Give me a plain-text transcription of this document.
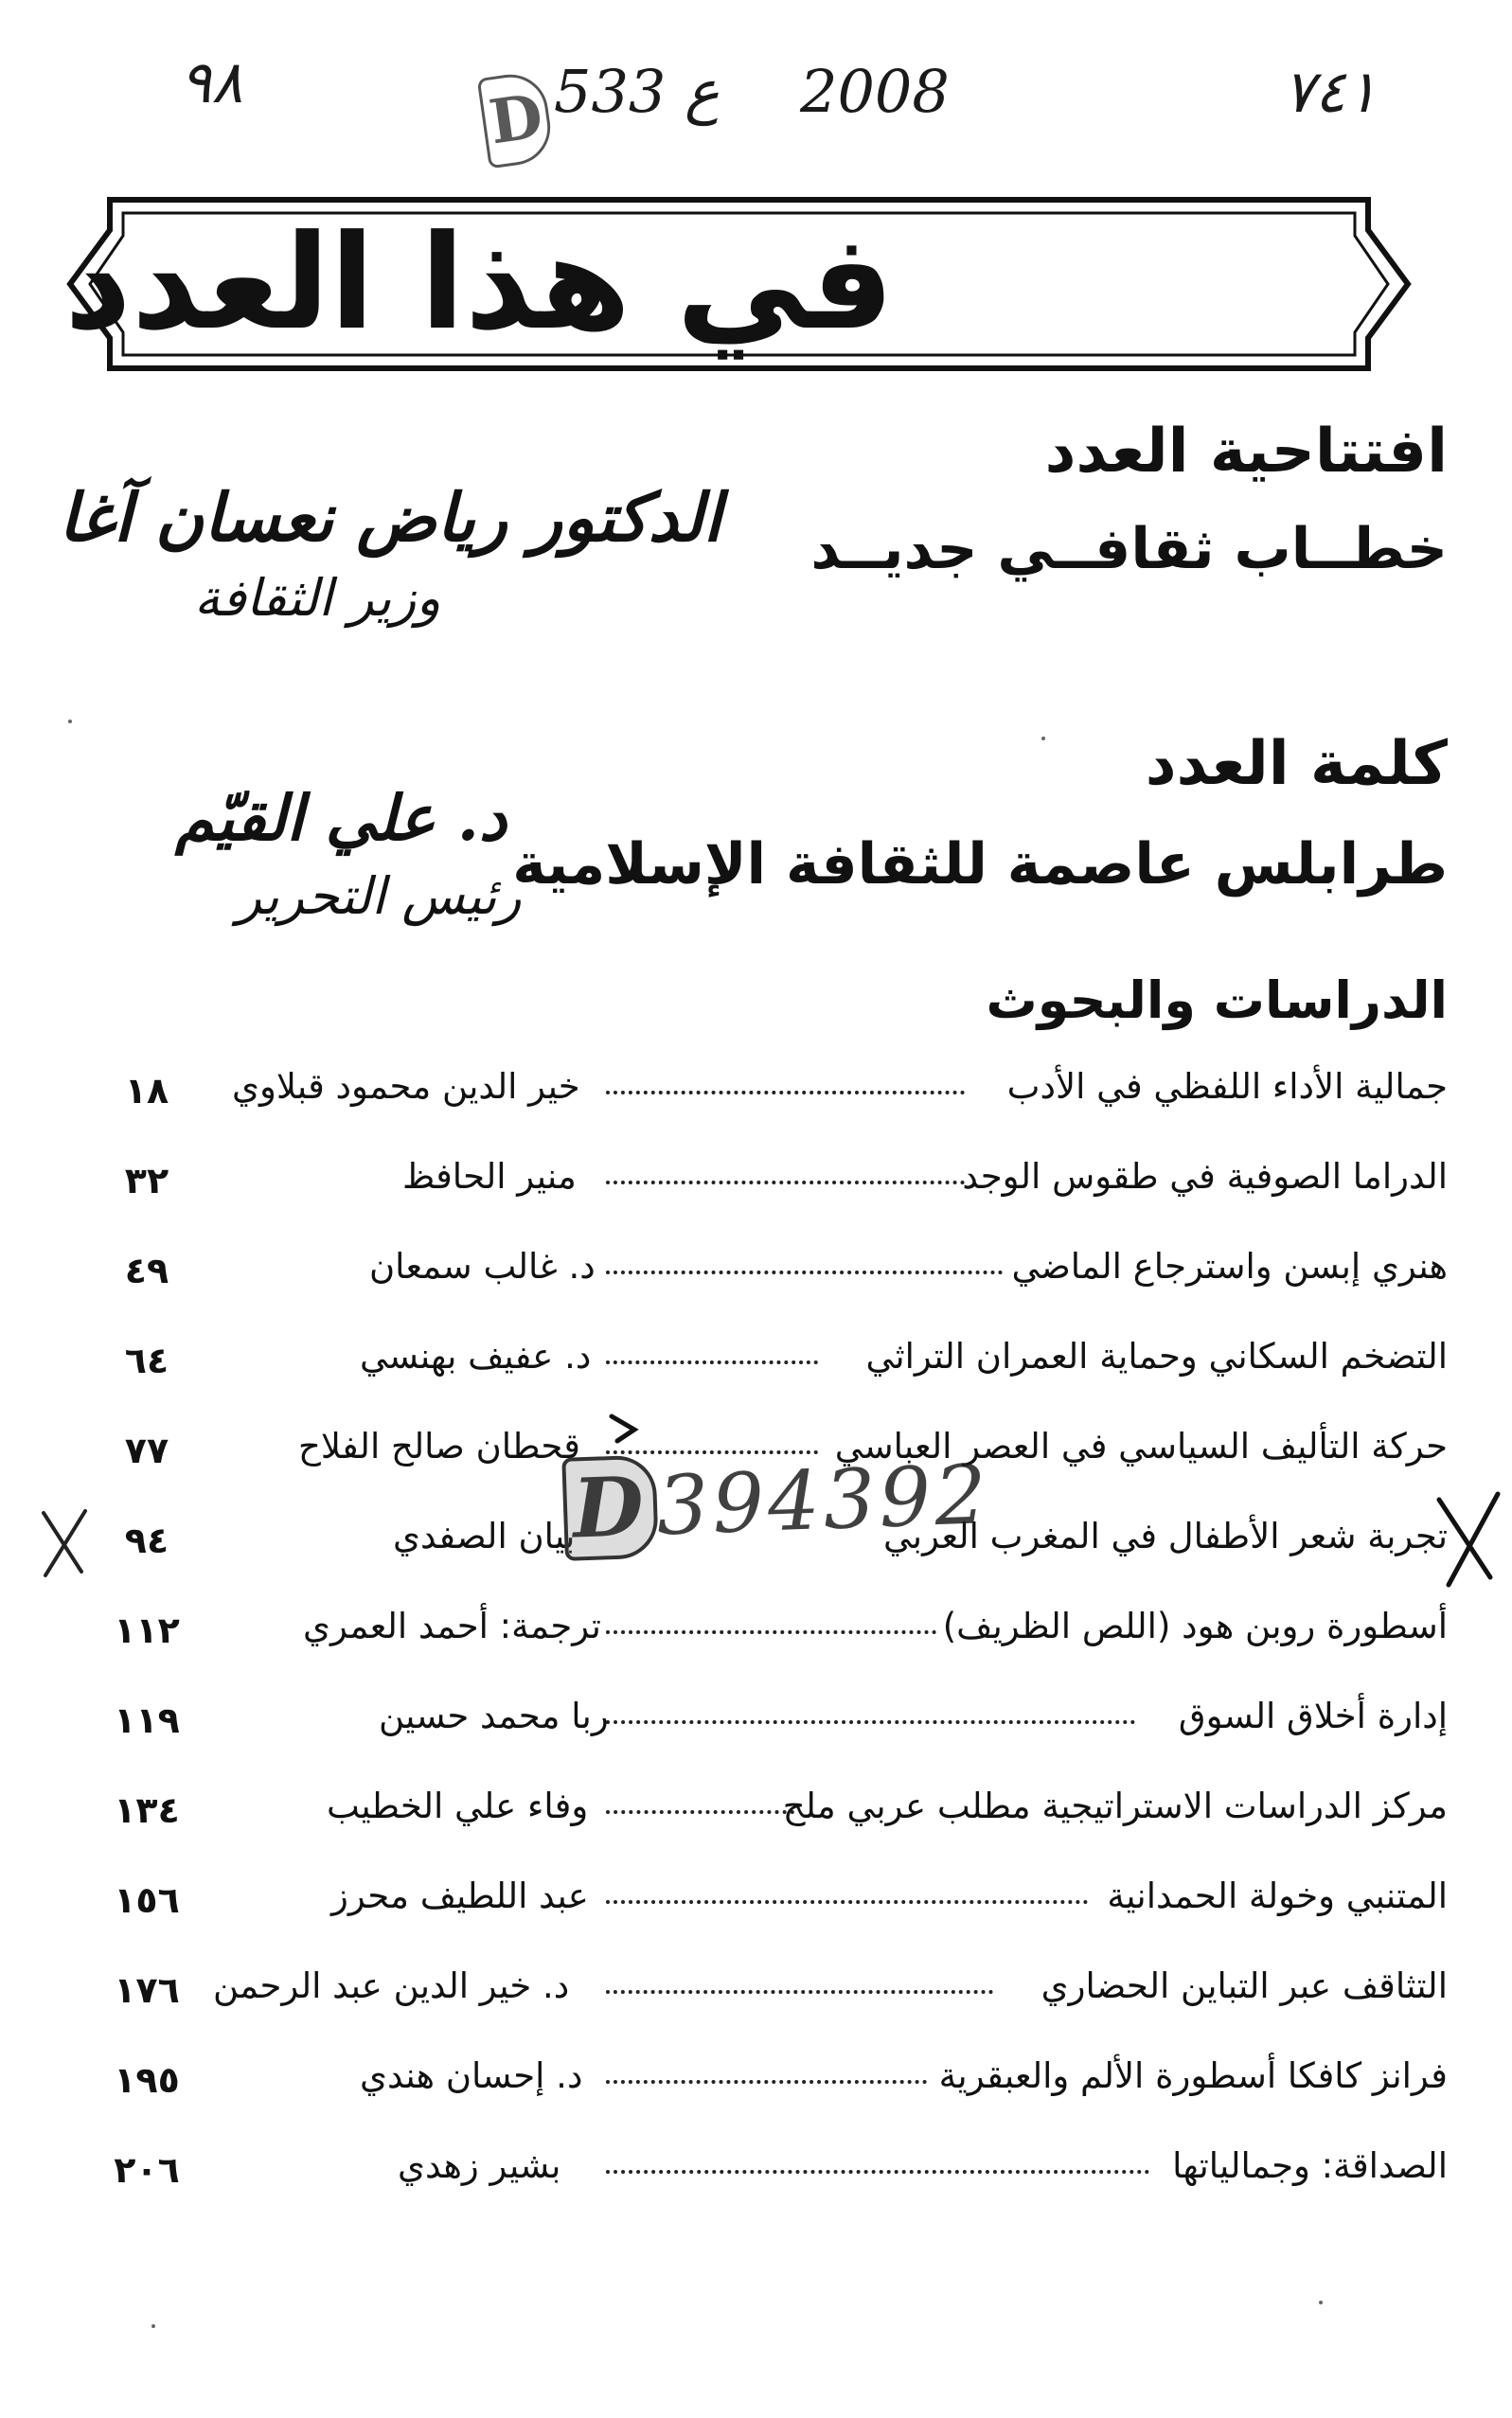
٩٨	D 533 ع 2008	٧٤١
في هذا العدد
افتتاحية العدد
خطــاب ثقافــي جديــد
الدكتور رياض نعسان آغا
وزير الثقافة
كلمة العدد
طرابلس عاصمة للثقافة الإسلامية
د. علي القيّم
رئيس التحرير
الدراسات والبحوث
جمالية الأداء اللفظي في الأدب
خير الدين محمود قبلاوي
١٨
الدراما الصوفية في طقوس الوجد
منير الحافظ
٣٢
هنري إبسن واسترجاع الماضي
د. غالب سمعان
٤٩
التضخم السكاني وحماية العمران التراثي
د. عفيف بهنسي
٦٤
حركة التأليف السياسي في العصر العباسي
قحطان صالح الفلاح
٧٧
تجربة شعر الأطفال في المغرب العربي
بيان الصفدي
٩٤
أسطورة روبن هود (اللص الظريف)
ترجمة: أحمد العمري
١١٢
إدارة أخلاق السوق
ربا محمد حسين
١١٩
مركز الدراسات الاستراتيجية مطلب عربي ملح
وفاء علي الخطيب
١٣٤
المتنبي وخولة الحمدانية
عبد اللطيف محرز
١٥٦
التثاقف عبر التباين الحضاري
د. خير الدين عبد الرحمن
١٧٦
فرانز كافكا أسطورة الألم والعبقرية
د. إحسان هندي
١٩٥
الصداقة: وجمالياتها
بشير زهدي
٢٠٦
D394392
